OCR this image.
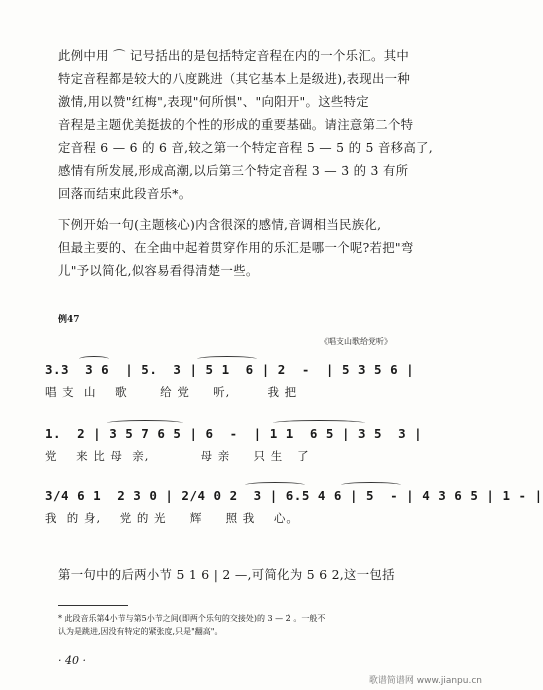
此例中用 ⌒ 记号括出的是包括特定音程在内的一个乐汇。其中
特定音程都是较大的八度跳进（其它基本上是级进),表现出一种
激情,用以赞"红梅",表现"何所惧"、"向阳开"。这些特定
音程是主题优美挺拔的个性的形成的重要基础。请注意第二个特
定音程 6 — 6̇ 的 6̇ 音,较之第一个特定音程 5 — 5̇ 的 5̇ 音移高了,
感情有所发展,形成高潮,以后第三个特定音程 3 — 3̇ 的 3̇ 有所
回落而结束此段音乐*。
下例开始一句(主题核心)内含很深的感情,音调相当民族化,
但最主要的、在全曲中起着贯穿作用的乐汇是哪一个呢?若把"弯
儿"予以简化,似容易看得清楚一些。
例47
《唱支山歌给党听》
3.3  3 6  | 5.  3 | 5 1  6 | 2  -  | 5 3 5 6 |
唱 支  山    歌       给 党     听,        我 把
1.  2 | 3 5 7 6 5 | 6  -  | 1 1  6 5 | 3 5  3 |
党    来 比 母  亲,           母 亲     只 生   了
3/4 6 1  2 3 0 | 2/4 0 2  3 | 6.5 4 6 | 5  - | 4 3 6 5 | 1 - |
我  的 身,    党 的 光     辉     照 我    心。

第一句中的后两小节 5 1 6 | 2 —,可简化为 5 6 2,这一包括

* 此段音乐第4小节与第5小节之间(即两个乐句的交接处)的 3 — 2̇ 。一般不
认为是跳进,因没有特定的紧张度,只是"翻高"。
· 40 ·
歌谱简谱网 www.jianpu.cn
